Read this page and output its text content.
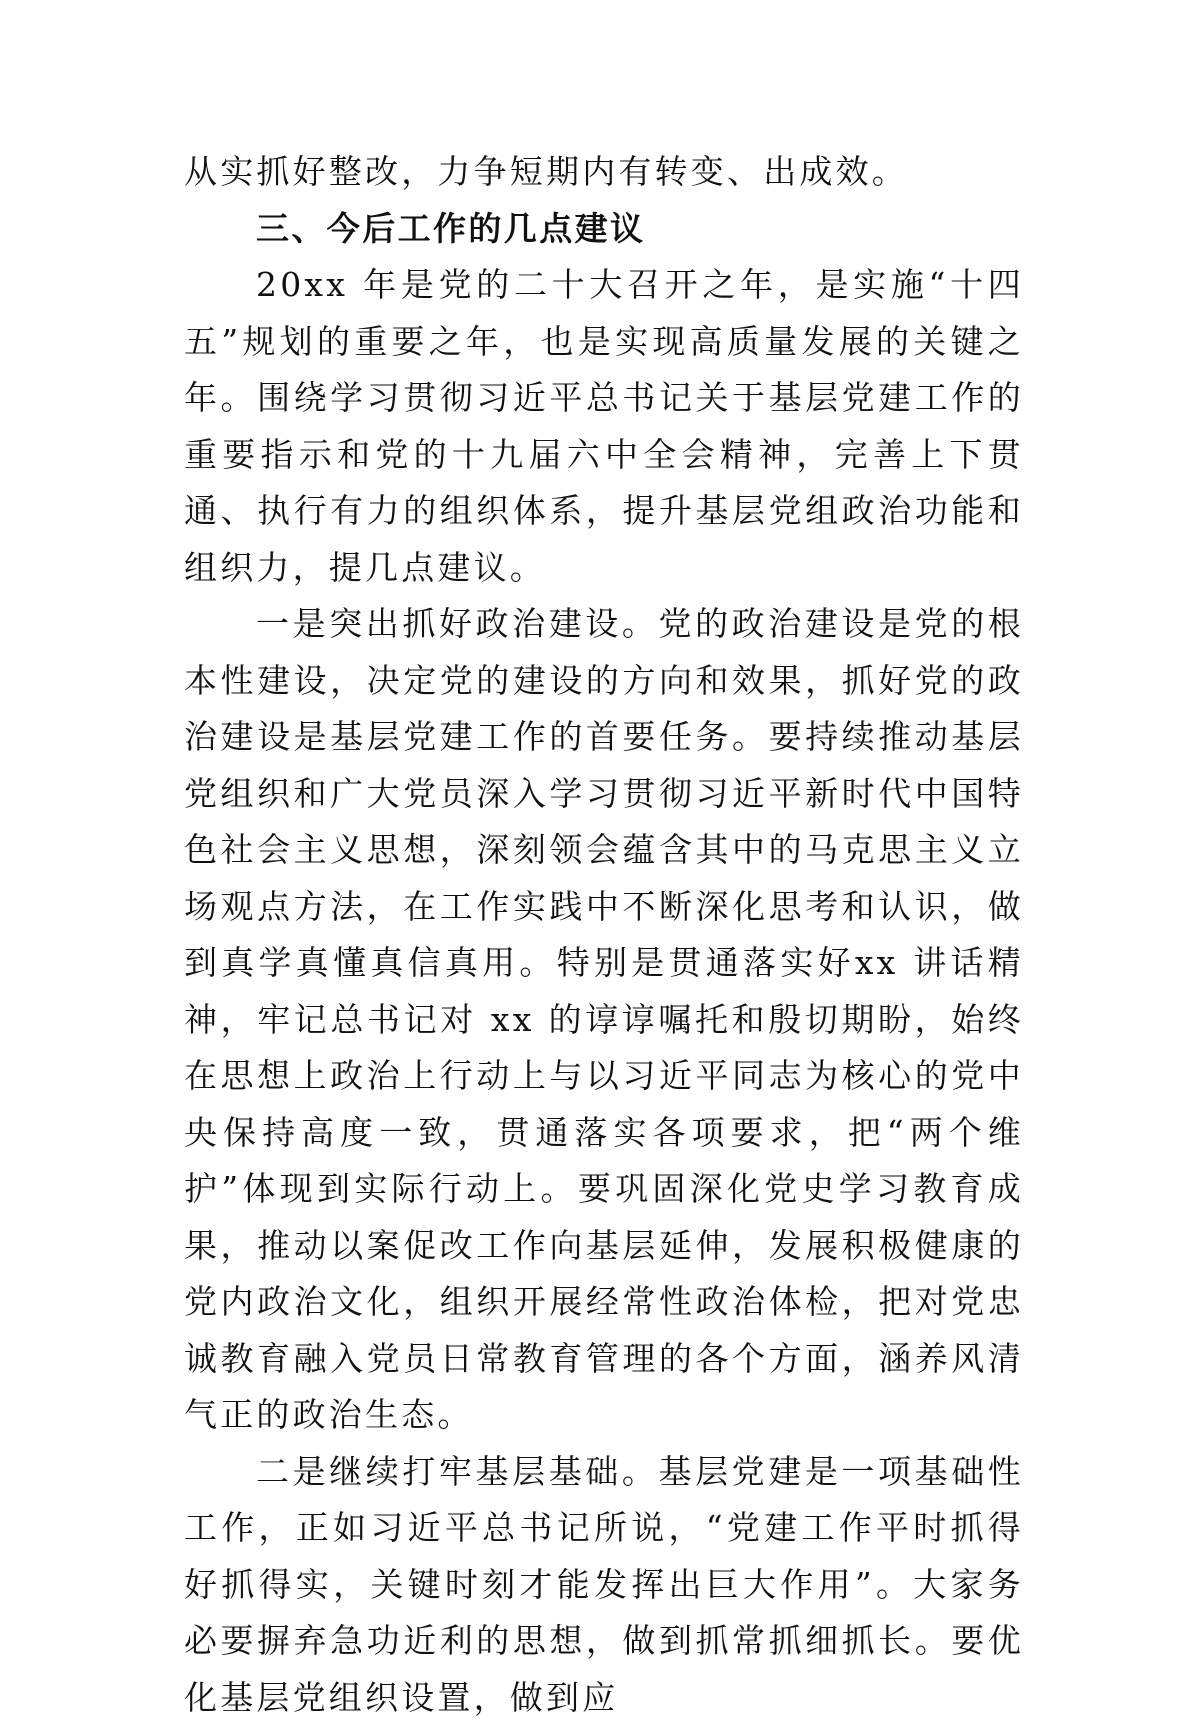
从实抓好整改，力争短期内有转变、出成效。

三、今后工作的几点建议

20xx 年是党的二十大召开之年，是实施“十四五”规划的重要之年，也是实现高质量发展的关键之年。围绕学习贯彻习近平总书记关于基层党建工作的重要指示和党的十九届六中全会精神，完善上下贯通、执行有力的组织体系，提升基层党组政治功能和组织力，提几点建议。

一是突出抓好政治建设。党的政治建设是党的根本性建设，决定党的建设的方向和效果，抓好党的政治建设是基层党建工作的首要任务。要持续推动基层党组织和广大党员深入学习贯彻习近平新时代中国特色社会主义思想，深刻领会蕴含其中的马克思主义立场观点方法，在工作实践中不断深化思考和认识，做到真学真懂真信真用。特别是贯通落实好xx 讲话精神，牢记总书记对 xx 的谆谆嘱托和殷切期盼，始终在思想上政治上行动上与以习近平同志为核心的党中央保持高度一致，贯通落实各项要求，把“两个维护”体现到实际行动上。要巩固深化党史学习教育成果，推动以案促改工作向基层延伸，发展积极健康的党内政治文化，组织开展经常性政治体检，把对党忠诚教育融入党员日常教育管理的各个方面，涵养风清气正的政治生态。

二是继续打牢基层基础。基层党建是一项基础性工作，正如习近平总书记所说，“党建工作平时抓得好抓得实，关键时刻才能发挥出巨大作用”。大家务必要摒弃急功近利的思想，做到抓常抓细抓长。要优化基层党组织设置，做到应
